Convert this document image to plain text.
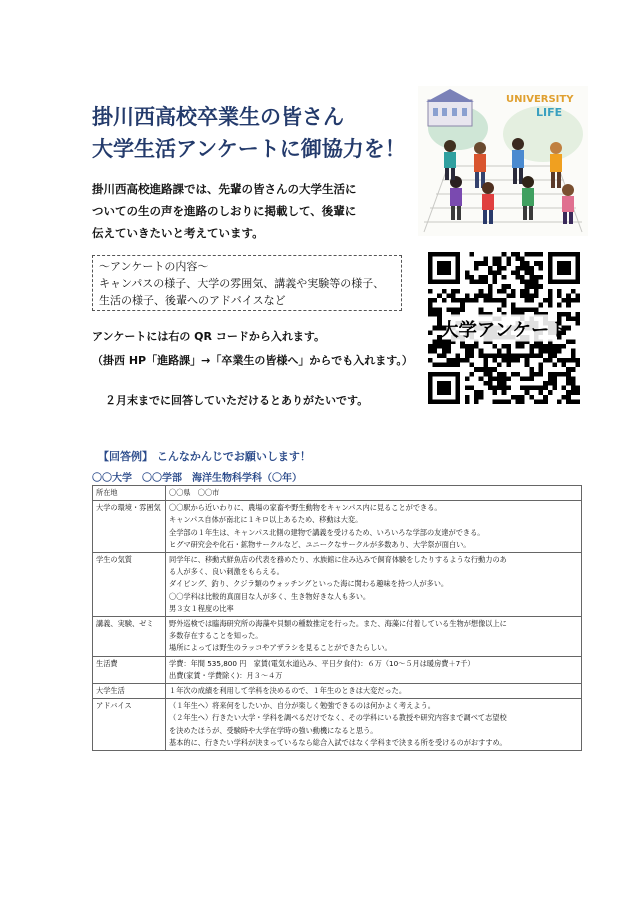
掛川西高校卒業生の皆さん
大学生活アンケートに御協力を！
掛川西高校進路課では、先輩の皆さんの大学生活に
ついての生の声を進路のしおりに掲載して、後輩に
伝えていきたいと考えています。
UNIVERSITY
LIFE
大学アンケート
～アンケートの内容～
キャンパスの様子、大学の雰囲気、講義や実験等の様子、
生活の様子、後輩へのアドバイスなど
アンケートには右の QR コードから入れます。
（掛西 HP「進路課」→「卒業生の皆様へ」からでも入れます。）
２月末までに回答していただけるとありがたいです。
【回答例】 こんなかんじでお願いします！
〇〇大学　〇〇学部　海洋生物科学科（〇年）
所在地	〇〇県　〇〇市

大学の環境・雰囲気	〇〇駅から近いわりに、農場の家畜や野生動物をキャンパス内に見ることができる。
キャンパス自体が南北に１キロ以上あるため、移動は大変。
全学部の１年生は、キャンパス北側の建物で講義を受けるため、いろいろな学部の友達ができる。
ヒグマ研究会や化石・鉱物サークルなど、ユニークなサークルが多数あり、大学祭が面白い。

学生の気質	同学年に、移動式鮮魚店の代表を務めたり、水族館に住み込みで飼育体験をしたりするような行動力のあ
る人が多く、良い刺激をもらえる。
ダイビング、釣り、クジラ類のウォッチングといった海に関わる趣味を持つ人が多い。
〇〇学科は比較的真面目な人が多く、生き物好きな人も多い。
男３女１程度の比率

講義、実験、ゼミ	野外巡検では臨海研究所の海藻や貝類の種数推定を行った。また、海藻に付着している生物が想像以上に
多数存在することを知った。
場所によっては野生のラッコやアザラシを見ることができたらしい。

生活費	学費：年間 535,800 円　家賃(電気水道込み、平日夕食付)：６万（10～５月は暖房費＋7千）
出費(家賃・学費除く)：月３～４万

大学生活	１年次の成績を利用して学科を決めるので、１年生のときは大変だった。

アドバイス	（１年生へ）将来何をしたいか、自分が楽しく勉強できるのは何かよく考えよう。
（２年生へ）行きたい大学・学科を調べるだけでなく、その学科にいる教授や研究内容まで調べて志望校
を決めたほうが、受験時や大学在学時の強い動機になると思う。
基本的に、行きたい学科が決まっているなら総合入試ではなく学科まで決まる所を受けるのがおすすめ。
